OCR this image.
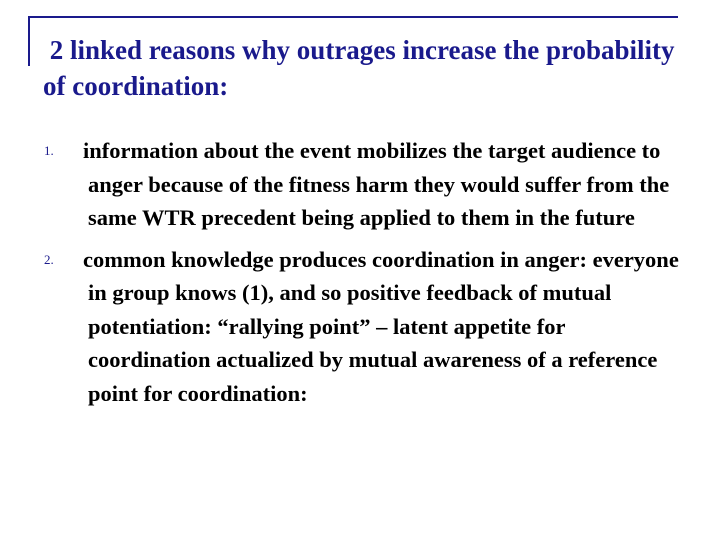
2 linked reasons why outrages increase the probability of coordination:
1. information about the event mobilizes the target audience to anger because of the fitness harm they would suffer from the same WTR precedent being applied to them in the future
2. common knowledge produces coordination in anger: everyone in group knows (1), and so positive feedback of mutual potentiation: “rallying point” – latent appetite for coordination actualized by mutual awareness of a reference point for coordination:
